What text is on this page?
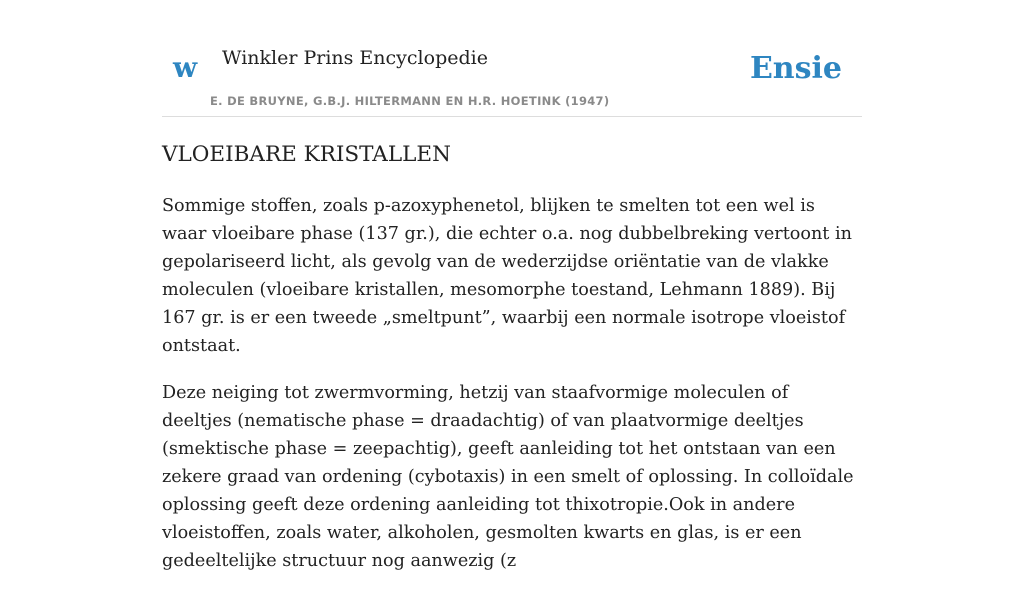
w Winkler Prins Encyclopedie
E. DE BRUYNE, G.B.J. HILTERMANN EN H.R. HOETINK (1947)
Ensie
VLOEIBARE KRISTALLEN

Sommige stoffen, zoals p-azoxyphenetol, blijken te smelten tot een wel is waar vloeibare phase (137 gr.), die echter o.a. nog dubbelbreking vertoont in gepolariseerd licht, als gevolg van de wederzijdse oriëntatie van de vlakke moleculen (vloeibare kristallen, mesomorphe toestand, Lehmann 1889). Bij 167 gr. is er een tweede „smeltpunt”, waarbij een normale isotrope vloeistof ontstaat.

Deze neiging tot zwermvorming, hetzij van staafvormige moleculen of deeltjes (nematische phase = draadachtig) of van plaatvormige deeltjes (smektische phase = zeepachtig), geeft aanleiding tot het ontstaan van een zekere graad van ordening (cybotaxis) in een smelt of oplossing. In colloïdale oplossing geeft deze ordening aanleiding tot thixotropie.Ook in andere vloeistoffen, zoals water, alkoholen, gesmolten kwarts en glas, is er een gedeeltelijke structuur nog aanwezig (z
